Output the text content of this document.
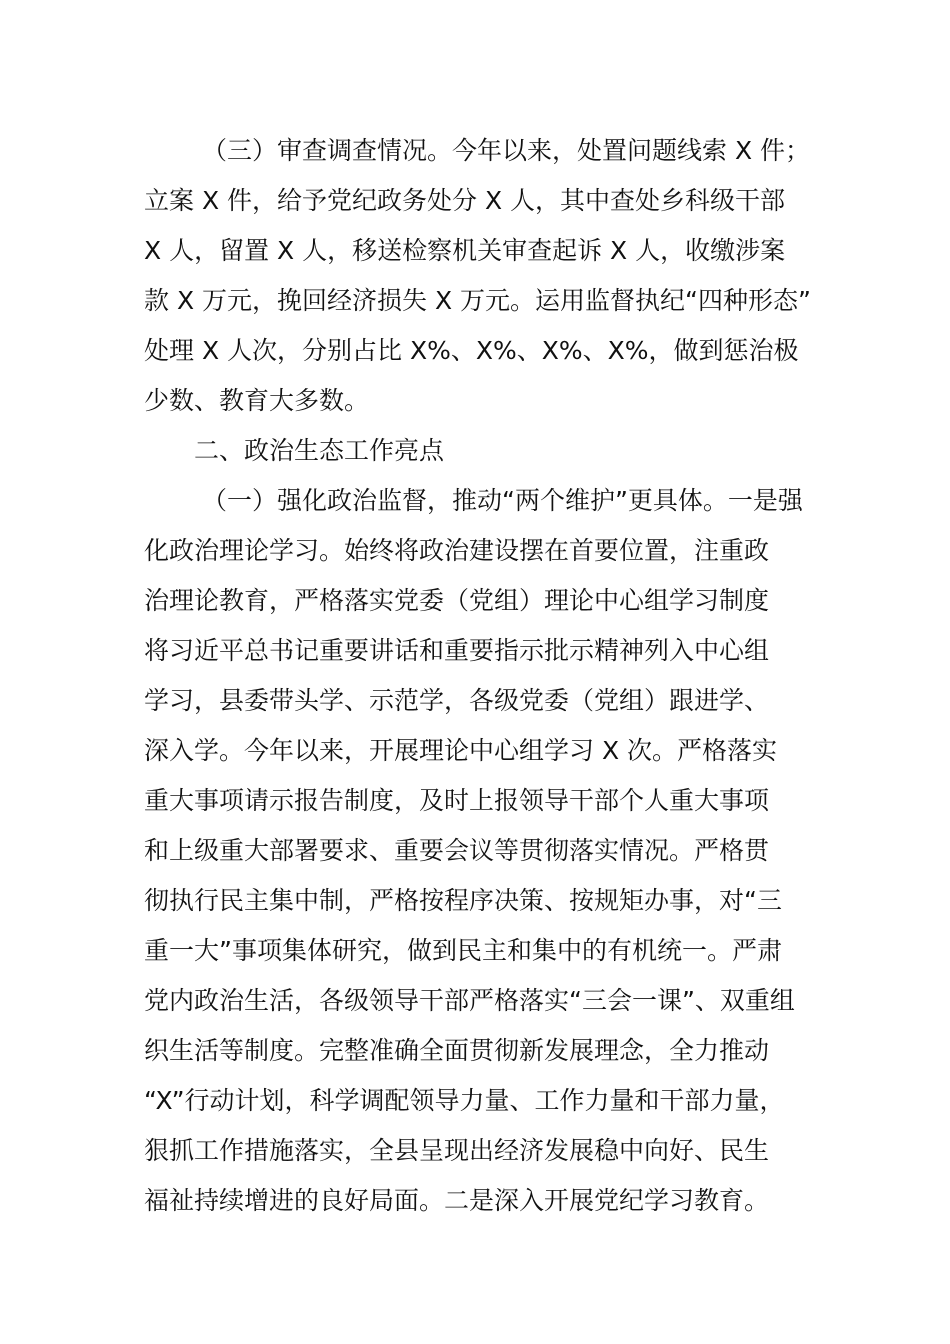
（三）审查调查情况。今年以来，处置问题线索 X 件；
立案 X 件，给予党纪政务处分 X 人，其中查处乡科级干部
X 人，留置 X 人，移送检察机关审查起诉 X 人，收缴涉案
款 X 万元，挽回经济损失 X 万元。运用监督执纪“四种形态”
处理 X 人次，分别占比 X%、X%、X%、X%，做到惩治极
少数、教育大多数。
二、政治生态工作亮点
（一）强化政治监督，推动“两个维护”更具体。一是强
化政治理论学习。始终将政治建设摆在首要位置，注重政
治理论教育，严格落实党委（党组）理论中心组学习制度
将习近平总书记重要讲话和重要指示批示精神列入中心组
学习，县委带头学、示范学，各级党委（党组）跟进学、
深入学。今年以来，开展理论中心组学习 X 次。严格落实
重大事项请示报告制度，及时上报领导干部个人重大事项
和上级重大部署要求、重要会议等贯彻落实情况。严格贯
彻执行民主集中制，严格按程序决策、按规矩办事，对“三
重一大”事项集体研究，做到民主和集中的有机统一。严肃
党内政治生活，各级领导干部严格落实“三会一课”、双重组
织生活等制度。完整准确全面贯彻新发展理念，全力推动
“X”行动计划，科学调配领导力量、工作力量和干部力量，
狠抓工作措施落实，全县呈现出经济发展稳中向好、民生
福祉持续增进的良好局面。二是深入开展党纪学习教育。
